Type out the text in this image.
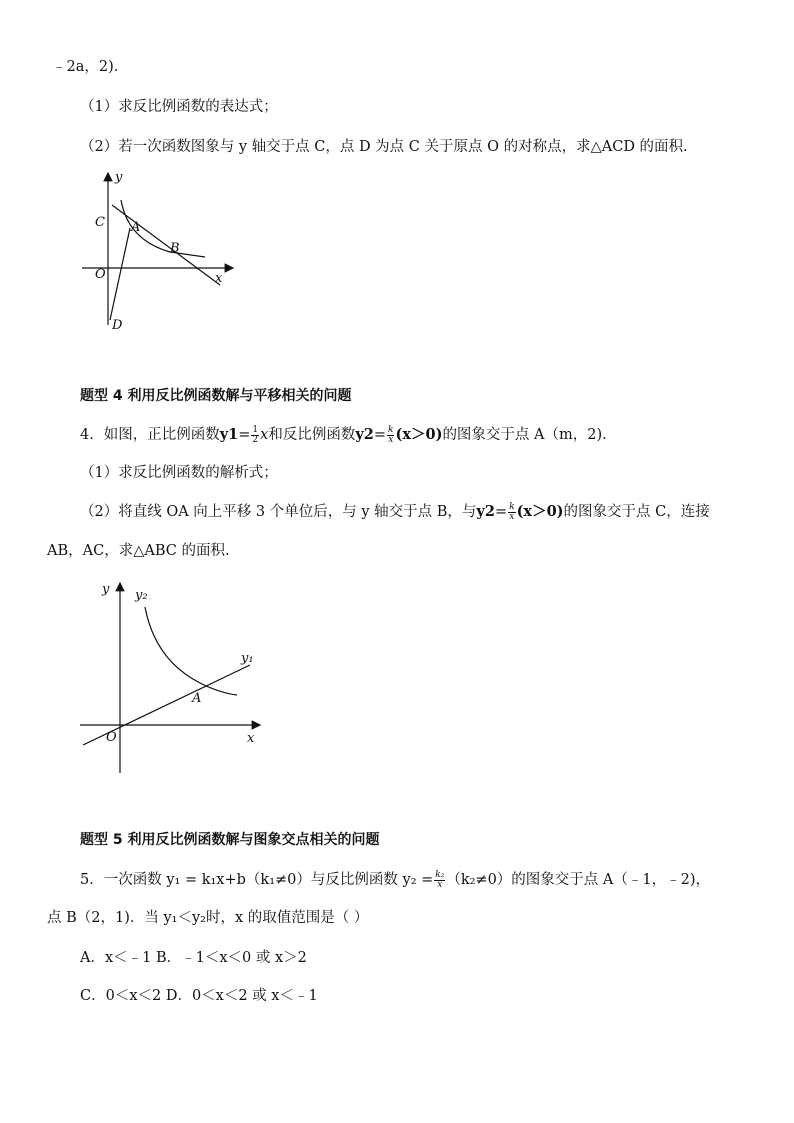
﹣2a，2).
（1）求反比例函数的表达式；
（2）若一次函数图象与 y 轴交于点 C，点 D 为点 C 关于原点 O 的对称点，求△ACD 的面积.
y
C A
B
O	x
D
题型 4 利用反比例函数解与平移相关的问题
4．如图，正比例函数$y1= \frac{1}{2}$ x和反比例函数$y2= \frac{k}{x} (x>0)$的图象交于点 A（m，2).
（1）求反比例函数的解析式；
（2）将直线 OA 向上平移 3 个单位后，与 y 轴交于点 B，与$y2= \frac{k}{x} (x>0)$的图象交于点 C，连接
AB，AC，求△ABC 的面积.
y y₂
y₁
A
O	x
题型 5 利用反比例函数解与图象交点相关的问题
5．一次函数 y₁ = k₁x+b（k₁≠0）与反比例函数 $y_2 = \frac{\text{k₂}}{x} (k_2\ne 0)$的图象交于点 A（﹣1，﹣2)，
点 B（2，1)．当 y₁＜y₂时，x 的取值范围是（ ）
A．x＜﹣1 B．﹣1＜x＜0 或 x＞2
C．0＜x＜2 D．0＜x＜2 或 x＜﹣1
